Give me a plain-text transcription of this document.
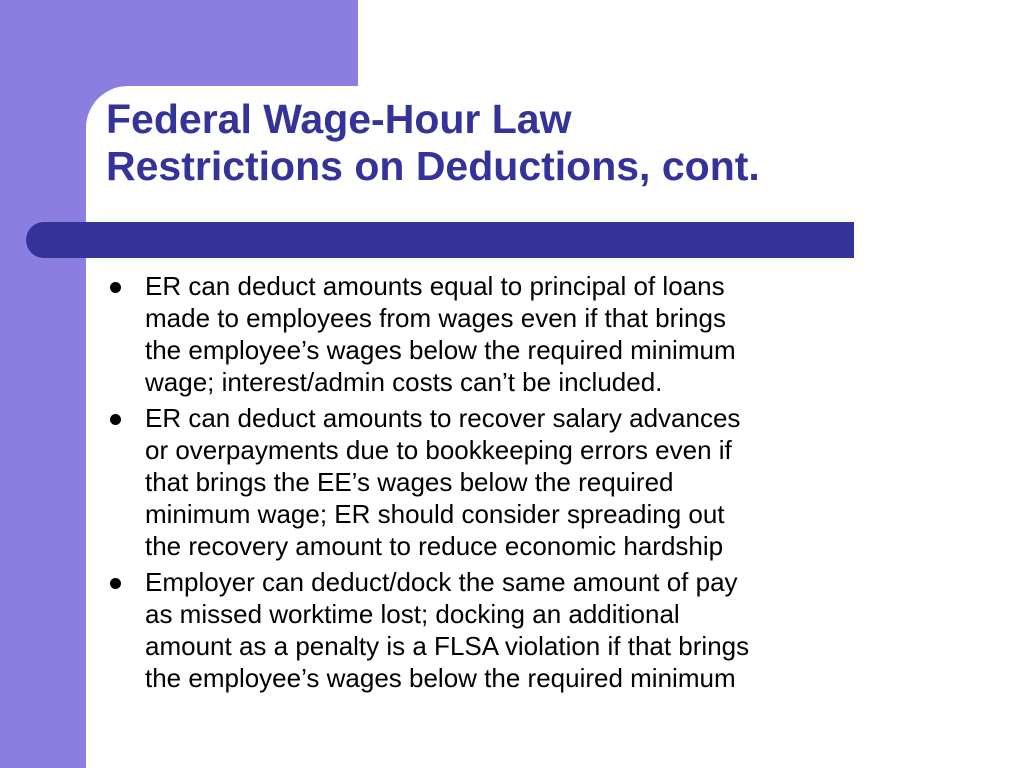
Federal Wage-Hour Law
Restrictions on Deductions, cont.
ER can deduct amounts equal to principal of loans
made to employees from wages even if that brings
the employee’s wages below the required minimum
wage; interest/admin costs can’t be included.
ER can deduct amounts to recover salary advances
or overpayments due to bookkeeping errors even if
that brings the EE’s wages below the required
minimum wage; ER should consider spreading out
the recovery amount to reduce economic hardship
Employer can deduct/dock the same amount of pay
as missed worktime lost; docking an additional
amount as a penalty is a FLSA violation if that brings
the employee’s wages below the required minimum
